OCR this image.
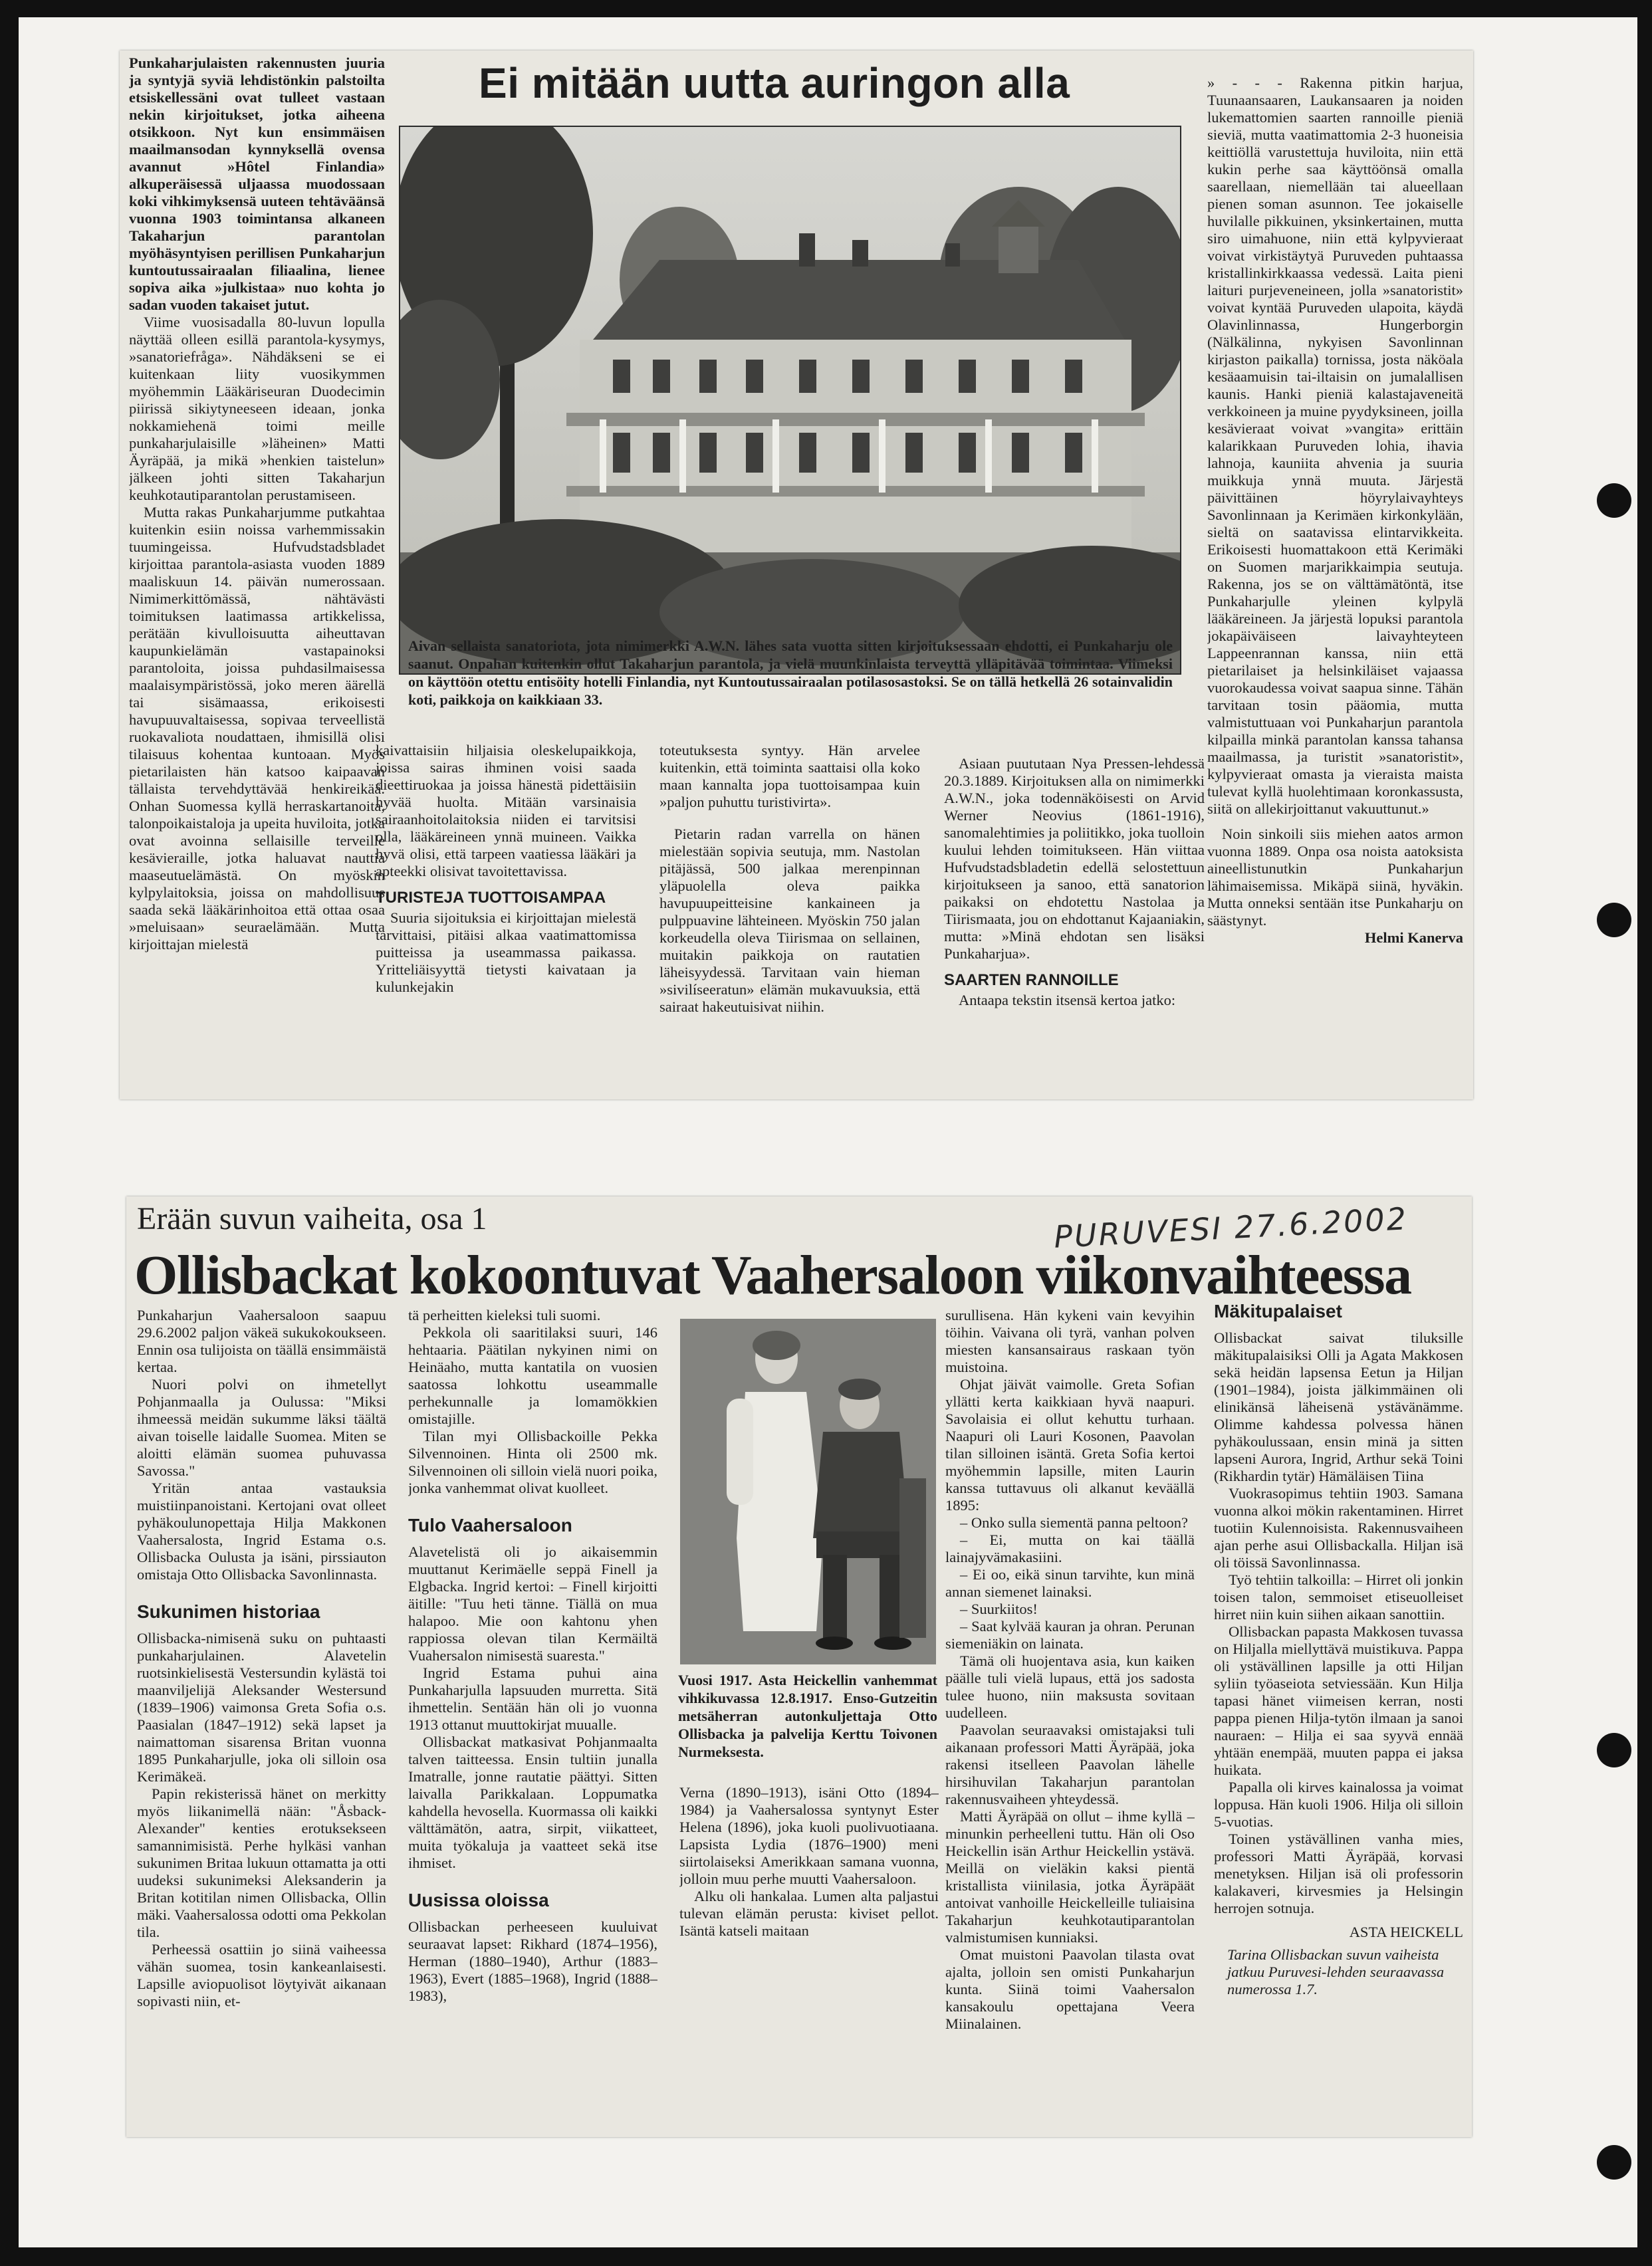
Punkaharjulaisten rakennusten juuria ja syntyjä syviä lehdistönkin palstoilta etsiskellessäni ovat tulleet vastaan nekin kirjoitukset, jotka aiheena otsikkoon. Nyt kun ensimmäisen maailmansodan kynnyksellä ovensa avannut »Hôtel Finlandia» alkuperäisessä uljaassa muodossaan koki vihkimyksensä uuteen tehtäväänsä vuonna 1903 toimintansa alkaneen Takaharjun parantolan myöhäsyntyisen perillisen Punkaharjun kuntoutussairaalan filiaalina, lienee sopiva aika »julkistaa» nuo kohta jo sadan vuoden takaiset jutut.

Viime vuosisadalla 80-luvun lopulla näyttää olleen esillä parantola-kysymys, »sanatoriefråga». Nähdäkseni se ei kuitenkaan liity vuosikymmen myöhemmin Lääkäriseuran Duodecimin piirissä sikiytyneeseen ideaan, jonka nokkamiehenä toimi meille punkaharjulaisille »läheinen» Matti Äyräpää, ja mikä »henkien taistelun» jälkeen johti sitten Takaharjun keuhkotautiparantolan perustamiseen.

Mutta rakas Punkaharjumme putkahtaa kuitenkin esiin noissa varhemmissakin tuumingeissa. Hufvudstadsbladet kirjoittaa parantola-asiasta vuoden 1889 maaliskuun 14. päivän numerossaan. Nimimerkittömässä, nähtävästi toimituksen laatimassa artikkelissa, perätään kivulloisuutta aiheuttavan kaupunkielämän vastapainoksi parantoloita, joissa puhdasilmaisessa maalaisympäristössä, joko meren äärellä tai sisämaassa, erikoisesti havupuuvaltaisessa, sopivaa terveellistä ruokavaliota noudattaen, ihmisillä olisi tilaisuus kohentaa kuntoaan. Myös pietarilaisten hän katsoo kaipaavan tällaista tervehdyttävää henkireikää. Onhan Suomessa kyllä herraskartanoita, talonpoikaistaloja ja upeita huviloita, jotka ovat avoinna sellaisille terveille kesävierаille, jotka haluavat nauttia maaseutuelämästä. On myöskin kylpylaitoksia, joissa on mahdollisuus saada sekä lääkärinhoitoa että ottaa osaa »meluisaan» seuraelämään. Mutta kirjoittajan mielestä

Ei mitään uutta auringon alla
Aivan sellaista sanatoriota, jota nimimerkki A.W.N. lähes sata vuotta sitten kirjoituksessaan ehdotti, ei Punkaharju ole saanut. Onpahan kuitenkin ollut Takaharjun parantola, ja vielä muunkinlaista terveyttä ylläpitävää toimintaa. Viimeksi on käyttöön otettu entisöity hotelli Finlandia, nyt Kuntoutussairaalan potilasosastoksi. Se on tällä hetkellä 26 sotainvalidin koti, paikkoja on kaikkiaan 33.

kaivattaisiin hiljaisia oleskelupaikkoja, joissa sairas ihminen voisi saada dieettiruokaa ja joissa hänestä pidettäisiin hyvää huolta. Mitään varsinaisia sairaanhoitolaitoksia niiden ei tarvitsisi olla, lääkäreineen ynnä muineen. Vaikka hyvä olisi, että tarpeen vaatiessa lääkäri ja apteekki olisivat tavoitettavissa.

TURISTEJA TUOTTOISAMPAA

Suuria sijoituksia ei kirjoittajan mielestä tarvittaisi, pitäisi alkaa vaatimattomissa puitteissa ja useammassa paikassa. Yritteliäisyyttä tietysti kaivataan ja kulunkejakin

toteutuksesta syntyy. Hän arvelee kuitenkin, että toiminta saattaisi olla koko maan kannalta jopa tuottoisampaa kuin »paljon puhuttu turistivirta».

Pietarin radan varrella on hänen mielestään sopivia seutuja, mm. Nastolan pitäjässä, 500 jalkaa merenpinnan yläpuolella oleva paikka havupuupeitteisine kankaineen ja pulppuavine lähteineen. Myöskin 750 jalan korkeudella oleva Tiirismaa on sellainen, muitakin paikkoja on rautatien läheisyydessä. Tarvitaan vain hieman »sivilíseeratun» elämän mukavuuksia, että sairaat hakeutuisivat niihin.

Asiaan puututaan Nya Pressen-lehdessä 20.3.1889. Kirjoituksen alla on nimimerkki A.W.N., joka todennäköisesti on Arvid Werner Neovius (1861-1916), sanomalehtimies ja poliitikko, joka tuolloin kuului lehden toimitukseen. Hän viittaa Hufvudstadsbladetin edellä selostettuun kirjoitukseen ja sanoo, että sanatorion paikaksi on ehdotettu Nastolaa ja Tiirismaata, jou on ehdottanut Kajaaniakin, mutta: »Minä ehdotan sen lisäksi Punkaharjua».

SAARTEN RANNOILLE

Antaapa tekstin itsensä kertoa jatko:

» - - - Rakenna pitkin harjua, Tuunaansaaren, Laukansaaren ja noiden lukemattomien saarten rannoille pieniä sieviä, mutta vaatimattomia 2-3 huoneisia keittiöllä varustettuja huviloita, niin että kukin perhe saa käyttöönsä omalla saarellaan, niemellään tai alueellaan pienen soman asunnon. Tee jokaiselle huvilalle pikkuinen, yksinkertainen, mutta siro uimahuone, niin että kylpyvieraat voivat virkistäytyä Puruveden puhtaassa kristallinkirkkaassa vedessä. Laita pieni laituri purjeveneineen, jolla »sanatoristit» voivat kyntää Puruveden ulapoita, käydä Olavinlinnassa, Hungerborgin (Nälkälinna, nykyisen Savonlinnan kirjaston paikalla) tornissa, josta näköala kesäaamuisin tai-iltaisin on jumalallisen kaunis. Hanki pieniä kalastajaveneitä verkkoineen ja muine pyydyksineen, joilla kesävieraat voivat »vangita» erittäin kalarikkaan Puruveden lohia, ihavia lahnoja, kauniita ahvenia ja suuria muikkuja ynnä muuta. Järjestä päivittäinen höyrylaivayhteys Savonlinnaan ja Kerimäen kirkonkylään, sieltä on saatavissa elintarvikkeita. Erikoisesti huomattakoon että Kerimäki on Suomen marjarikkaimpia seutuja. Rakenna, jos se on välttämätöntä, itse Punkaharjulle yleinen kylpylä lääkäreineen. Ja järjestä lopuksi parantola jokapäiväiseen laivayhteyteen Lappeenrannan kanssa, niin että pietarilaiset ja helsinkiläiset vajaassa vuorokaudessa voivat saapua sinne. Tähän tarvitaan tosin pääomia, mutta valmistuttuaan voi Punkaharjun parantola kilpailla minkä parantolan kanssa tahansa maailmassa, ja turistit »sanatoristit», kylpyvieraat omasta ja vieraista maista tulevat kyllä huolehtimaan koronkassusta, siitä on allekirjoittanut vakuuttunut.»

Noin sinkoili siis miehen aatos armon vuonna 1889. Onpa osa noista aatoksista aineellistunutkin Punkaharjun lähimaisemissa. Mikäpä siinä, hyväkin. Mutta onneksi sentään itse Punkaharju on säästynyt.

Helmi Kanerva
Erään suvun vaiheita, osa 1	PURUVESI 27.6.2002
Ollisbackat kokoontuvat Vaahersaloon viikonvaihteessa

Punkaharjun Vaahersaloon saapuu 29.6.2002 paljon väkeä sukukokoukseen. Ennin osa tulijoista on täällä ensimmäistä kertaa.

Nuori polvi on ihmetellyt Pohjanmaalla ja Oulussa: "Miksi ihmeessä meidän sukumme läksi täältä aivan toiselle laidalle Suomea. Miten se aloitti elämän suomea puhuvassa Savossa."

Yritän antaa vastauksia muistiinpanoistani. Kertojani ovat olleet pyhäkoulunopettaja Hilja Makkonen Vaahersalosta, Ingrid Estama o.s. Ollisbacka Oulusta ja isäni, pirssiauton omistaja Otto Ollisbacka Savonlinnasta.

Sukunimen historiaa

Ollisbacka-nimisenä suku on puhtaasti punkaharjulainen. Alavetelin ruotsinkielisestä Vestersundin kylästä toi maanviljelijä Aleksander Westersund (1839–1906) vaimonsa Greta Sofia o.s. Paasialan (1847–1912) sekä lapset ja naimattoman sisarensa Britan vuonna 1895 Punkaharjulle, joka oli silloin osa Kerimäkeä.

Papin rekisterissä hänet on merkitty myös liikanimellä nään: "Åsback-Alexander" kenties erotuksekseen samannimisistä. Perhe hylkäsi vanhan sukunimen Britaa lukuun ottamatta ja otti uudeksi sukunimeksi Aleksanderin ja Britan kotitilan nimen Ollisbacka, Ollin mäki. Vaahersalossa odotti oma Pekkolan tila.

Perheessä osattiin jo siinä vaiheessa vähän suomea, tosin kankeanlaisesti. Lapsille aviopuolisot löytyivät aikanaan sopivasti niin, et-

tä perheitten kieleksi tuli suomi.

Pekkola oli saaritilaksi suuri, 146 hehtaaria. Päätilan nykyinen nimi on Heinäaho, mutta kantatila on vuosien saatossa lohkottu useammalle perhekunnalle ja lomamökkien omistajille.

Tilan myi Ollisbackoille Pekka Silvennoinen. Hinta oli 2500 mk. Silvennoinen oli silloin vielä nuori poika, jonka vanhemmat olivat kuolleet.

Tulo Vaahersaloon

Alavetelistä oli jo aikaisemmin muuttanut Kerimäelle seppä Finell ja Elgbacka. Ingrid kertoi: – Finell kirjoitti äitille: "Tuu heti tänne. Tiällä on mua halapoo. Mie oon kahtonu yhen rappiossa olevan tilan Kermäiltä Vuahersalon nimisestä suaresta."

Ingrid Estama puhui aina Punkaharjulla lapsuuden murretta. Sitä ihmettelin. Sentään hän oli jo vuonna 1913 ottanut muuttokirjat muualle.

Ollisbackat matkasivat Pohjanmaalta talven taitteessa. Ensin tultiin junalla Imatralle, jonne rautatie päättyi. Sitten laivalla Parikkalaan. Loppumatka kahdella hevosella. Kuormassa oli kaikki välttämätön, aatra, sirpit, viikatteet, muita työkaluja ja vaatteet sekä itse ihmiset.

Uusissa oloissa

Ollisbackan perheeseen kuuluivat seuraavat lapset: Rikhard (1874–1956), Herman (1880–1940), Arthur (1883–1963), Evert (1885–1968), Ingrid (1888–1983),

Vuosi 1917. Asta Heickellin vanhemmat vihkikuvassa 12.8.1917. Enso-Gutzeitin metsäherran autonkuljettaja Otto Ollisbacka ja palvelija Kerttu Toivonen Nurmeksesta.

Verna (1890–1913), isäni Otto (1894–1984) ja Vaahersalossa syntynyt Ester Helena (1896), joka kuoli puolivuotiaana. Lapsista Lydia (1876–1900) meni siirtolaiseksi Amerikkaan samana vuonna, jolloin muu perhe muutti Vaahersaloon.

Alku oli hankalaa. Lumen alta paljastui tulevan elämän perusta: kiviset pellot. Isäntä katseli maitaan

surullisena. Hän kykeni vain kevyihin töihin. Vaivana oli tyrä, vanhan polven miesten kansansairaus raskaan työn muistoina.

Ohjat jäivät vaimolle. Greta Sofian yllätti kerta kaikkiaan hyvä naapuri. Savolaisia ei ollut kehuttu turhaan. Naapuri oli Lauri Kosonen, Paavolan tilan silloinen isäntä. Greta Sofia kertoi myöhemmin lapsille, miten Laurin kanssa tuttavuus oli alkanut keväällä 1895:

– Onko sulla siementä panna peltoon?

– Ei, mutta on kai täällä lainajyvämakasiini.

– Ei oo, eikä sinun tarvihte, kun minä annan siemenet lainaksi.

– Suurkiitos!

– Saat kylvää kauran ja ohran. Perunan siemeniäkin on lainata.

Tämä oli huojentava asia, kun kaiken päälle tuli vielä lupaus, että jos sadosta tulee huono, niin maksusta sovitaan uudelleen.

Paavolan seuraavaksi omistajaksi tuli aikanaan professori Matti Äyräpää, joka rakensi itselleen Paavolan lähelle hirsihuvilan Takaharjun parantolan rakennusvaiheen yhteydessä.

Matti Äyräpää on ollut – ihme kyllä – minunkin perheelleni tuttu. Hän oli Oso Heickellin isän Arthur Heickellin ystävä. Meillä on vieläkin kaksi pientä kristallista viinilasia, jotka Äyräpäät antoivat vanhoille Heickelleille tuliaisina Takaharjun keuhkotautiparantolan valmistumisen kunniaksi.

Omat muistoni Paavolan tilasta ovat ajalta, jolloin sen omisti Punkaharjun kunta. Siinä toimi Vaahersalon kansakoulu opettajana Veera Miinalainen.

Mäkitupalaiset

Ollisbackat saivat tiluksille mäkitupalaisiksi Olli ja Agata Makkosen sekä heidän lapsensa Eetun ja Hiljan (1901–1984), joista jälkimmäinen oli elinikänsä läheisenä ystävänämme. Olimme kahdessa polvessa hänen pyhäkoulussaan, ensin minä ja sitten lapseni Aurora, Ingrid, Arthur sekä Toini (Rikhardin tytär) Hämäläisen Tiina

Vuokrasopimus tehtiin 1903. Samana vuonna alkoi mökin rakentaminen. Hirret tuotiin Kulennoisista. Rakennusvaiheen ajan perhe asui Ollisbackalla. Hiljan isä oli töissä Savonlinnassa.

Työ tehtiin talkoilla: – Hirret oli jonkin toisen talon, semmoiset etiseuolleiset hirret niin kuin siihen aikaan sanottiin.

Ollisbackan papasta Makkosen tuvassa on Hiljalla miellyttävä muistikuva. Pappa oli ystävällinen lapsille ja otti Hiljan syliin työaseiota setviessään. Kun Hilja tapasi hänet viimeisen kerran, nosti pappa pienen Hilja-tytön ilmaan ja sanoi nauraen: – Hilja ei saa syyvä ennää yhtään enempää, muuten pappa ei jaksa huikata.

Papalla oli kirves kainalossa ja voimat loppusa. Hän kuoli 1906. Hilja oli silloin 5-vuotias.

Toinen ystävällinen vanha mies, professori Matti Äyräpää, korvasi menetyksen. Hiljan isä oli professorin kalakaveri, kirvesmies ja Helsingin herrojen sotnuja.

ASTA HEICKELL

Tarina Ollisbackan suvun vaiheista jatkuu Puruvesi-lehden seuraavassa numerossa 1.7.
